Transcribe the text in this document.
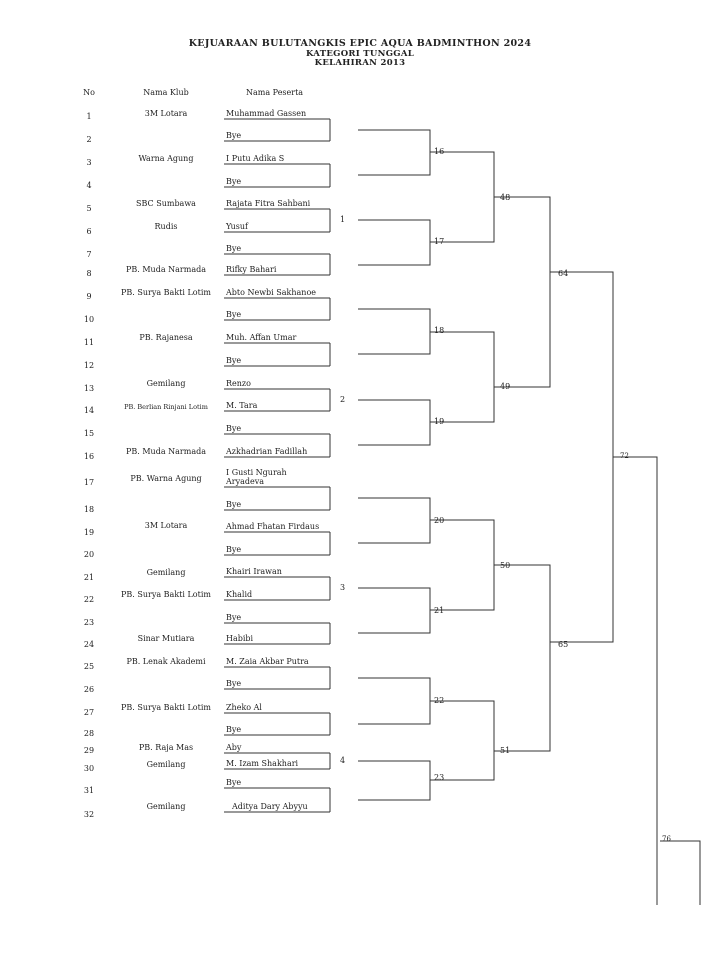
KEJUARAAN BULUTANGKIS EPIC AQUA BADMINTHON 2024
KATEGORI TUNGGAL
KELAHIRAN 2013
No	Nama Klub	Nama Peserta
1
2
3
4
5
6
7
8
9
10
11
12
13
14
15
16
17
18
19
20
21
22
23
24
25
26
27
28
29
30
31
32
3M Lotara
Warna Agung
SBC Sumbawa
Rudis
PB. Muda Narmada
PB. Surya Bakti Lotim
PB. Rajanesa
Gemilang
PB. Berlian Rinjani Lotim
PB. Muda Narmada
PB. Warna Agung
3M Lotara
Gemilang
PB. Surya Bakti Lotim
Sinar Mutiara
PB. Lenak Akademi
PB. Surya Bakti Lotim
PB. Raja Mas
Gemilang
Gemilang
Muhammad Gassen
Bye
I Putu Adika S
Bye
Rajata Fitra Sahbani
Yusuf
Bye
Rifky Bahari
Abto Newbi Sakhanoe
Bye
Muh. Affan Umar
Bye
Renzo
M. Tara
Bye
Azkhadrian Fadillah
I Gusti Ngurah
Aryadeva
Bye
Ahmad Fhatan Firdaus
Bye
Khairi Irawan
Khalid
Bye
Habibi
M. Zaia Akbar Putra
Bye
Zheko Al
Bye
Aby
M. Izam Shakhari
Bye
Aditya Dary Abyyu
1
2
3
4
16
17
18
19
20
21
22
23
48
49
50
51
64
65
72
76
